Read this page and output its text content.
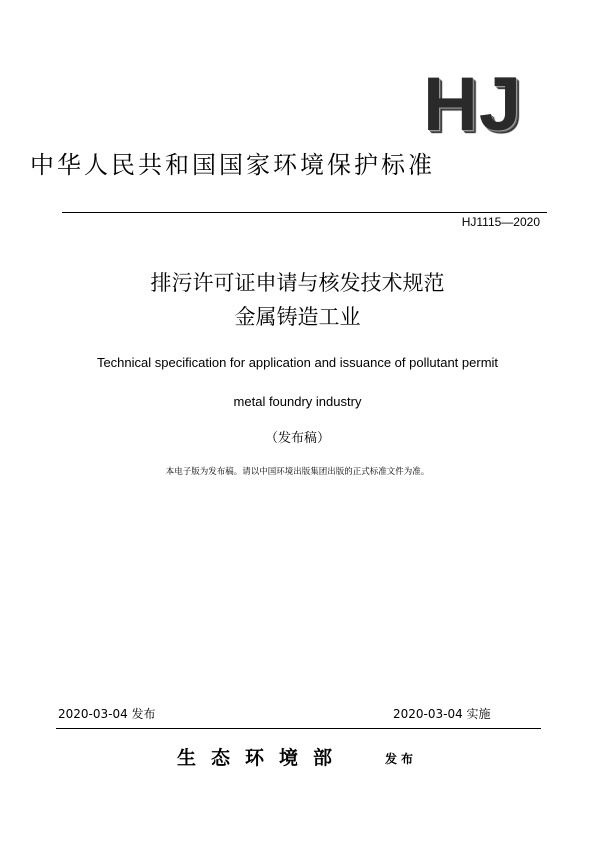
HJ
中华人民共和国国家环境保护标准
HJ1115—2020
排污许可证申请与核发技术规范
金属铸造工业
Technical specification for application and issuance of pollutant permit
metal foundry industry
（发布稿）
本电子版为发布稿。请以中国环境出版集团出版的正式标准文件为准。
2020-03-04 发布	2020-03-04 实施
生态环境部	发布
